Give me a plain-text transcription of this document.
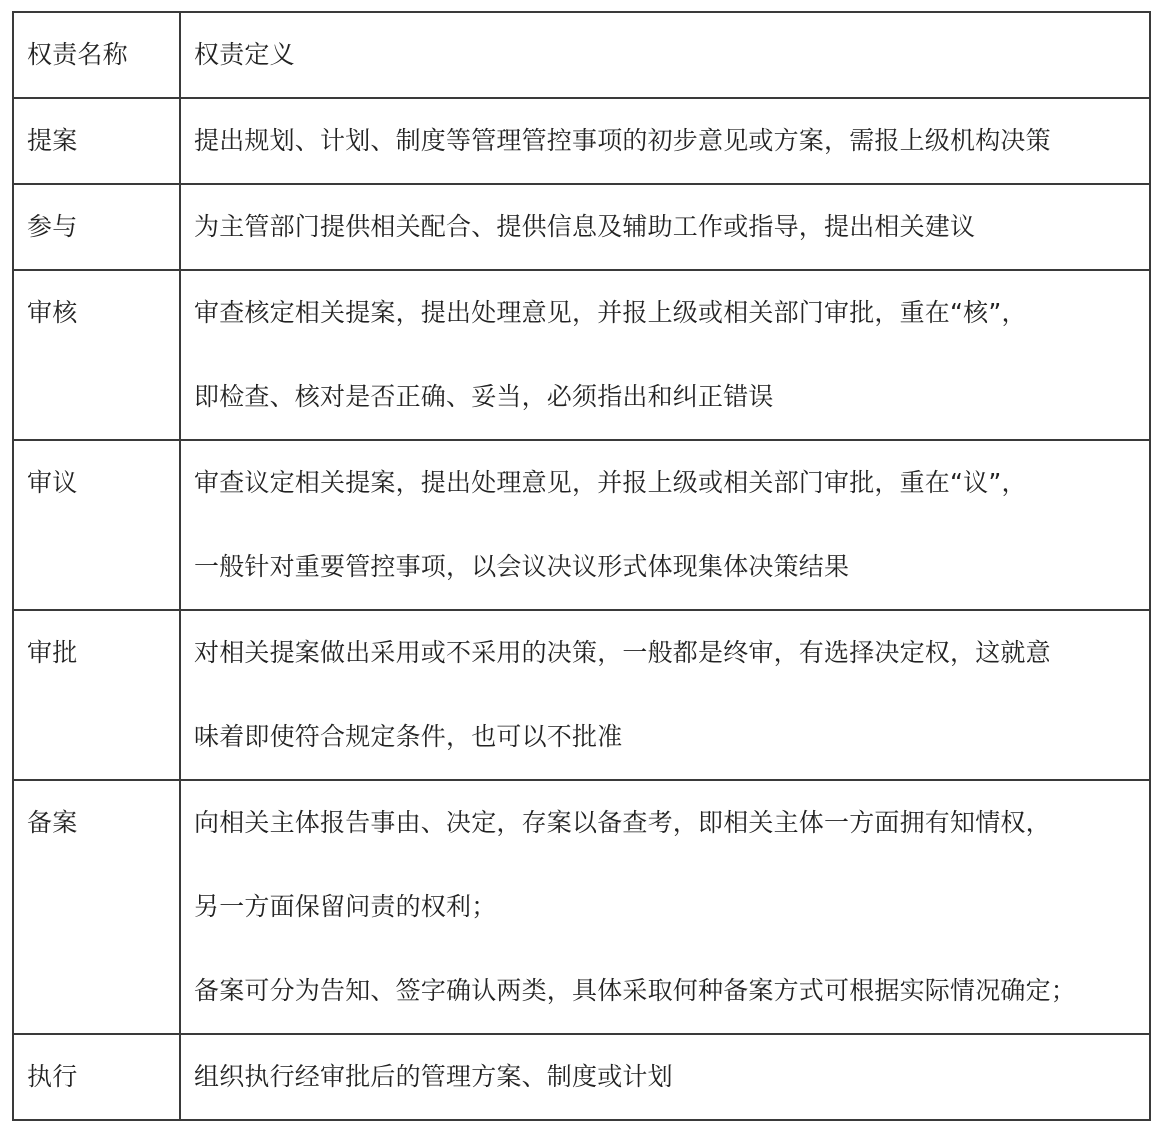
权责名称	权责定义
提案	提出规划、计划、制度等管理管控事项的初步意见或方案，需报上级机构决策

参与	为主管部门提供相关配合、提供信息及辅助工作或指导，提出相关建议

审核	审查核定相关提案，提出处理意见，并报上级或相关部门审批，重在“核”，
即检查、核对是否正确、妥当，必须指出和纠正错误

审议	审查议定相关提案，提出处理意见，并报上级或相关部门审批，重在“议”，
一般针对重要管控事项，以会议决议形式体现集体决策结果

审批	对相关提案做出采用或不采用的决策，一般都是终审，有选择决定权，这就意
味着即使符合规定条件，也可以不批准

备案	向相关主体报告事由、决定，存案以备查考，即相关主体一方面拥有知情权，
另一方面保留问责的权利；
备案可分为告知、签字确认两类，具体采取何种备案方式可根据实际情况确定；

执行	组织执行经审批后的管理方案、制度或计划
